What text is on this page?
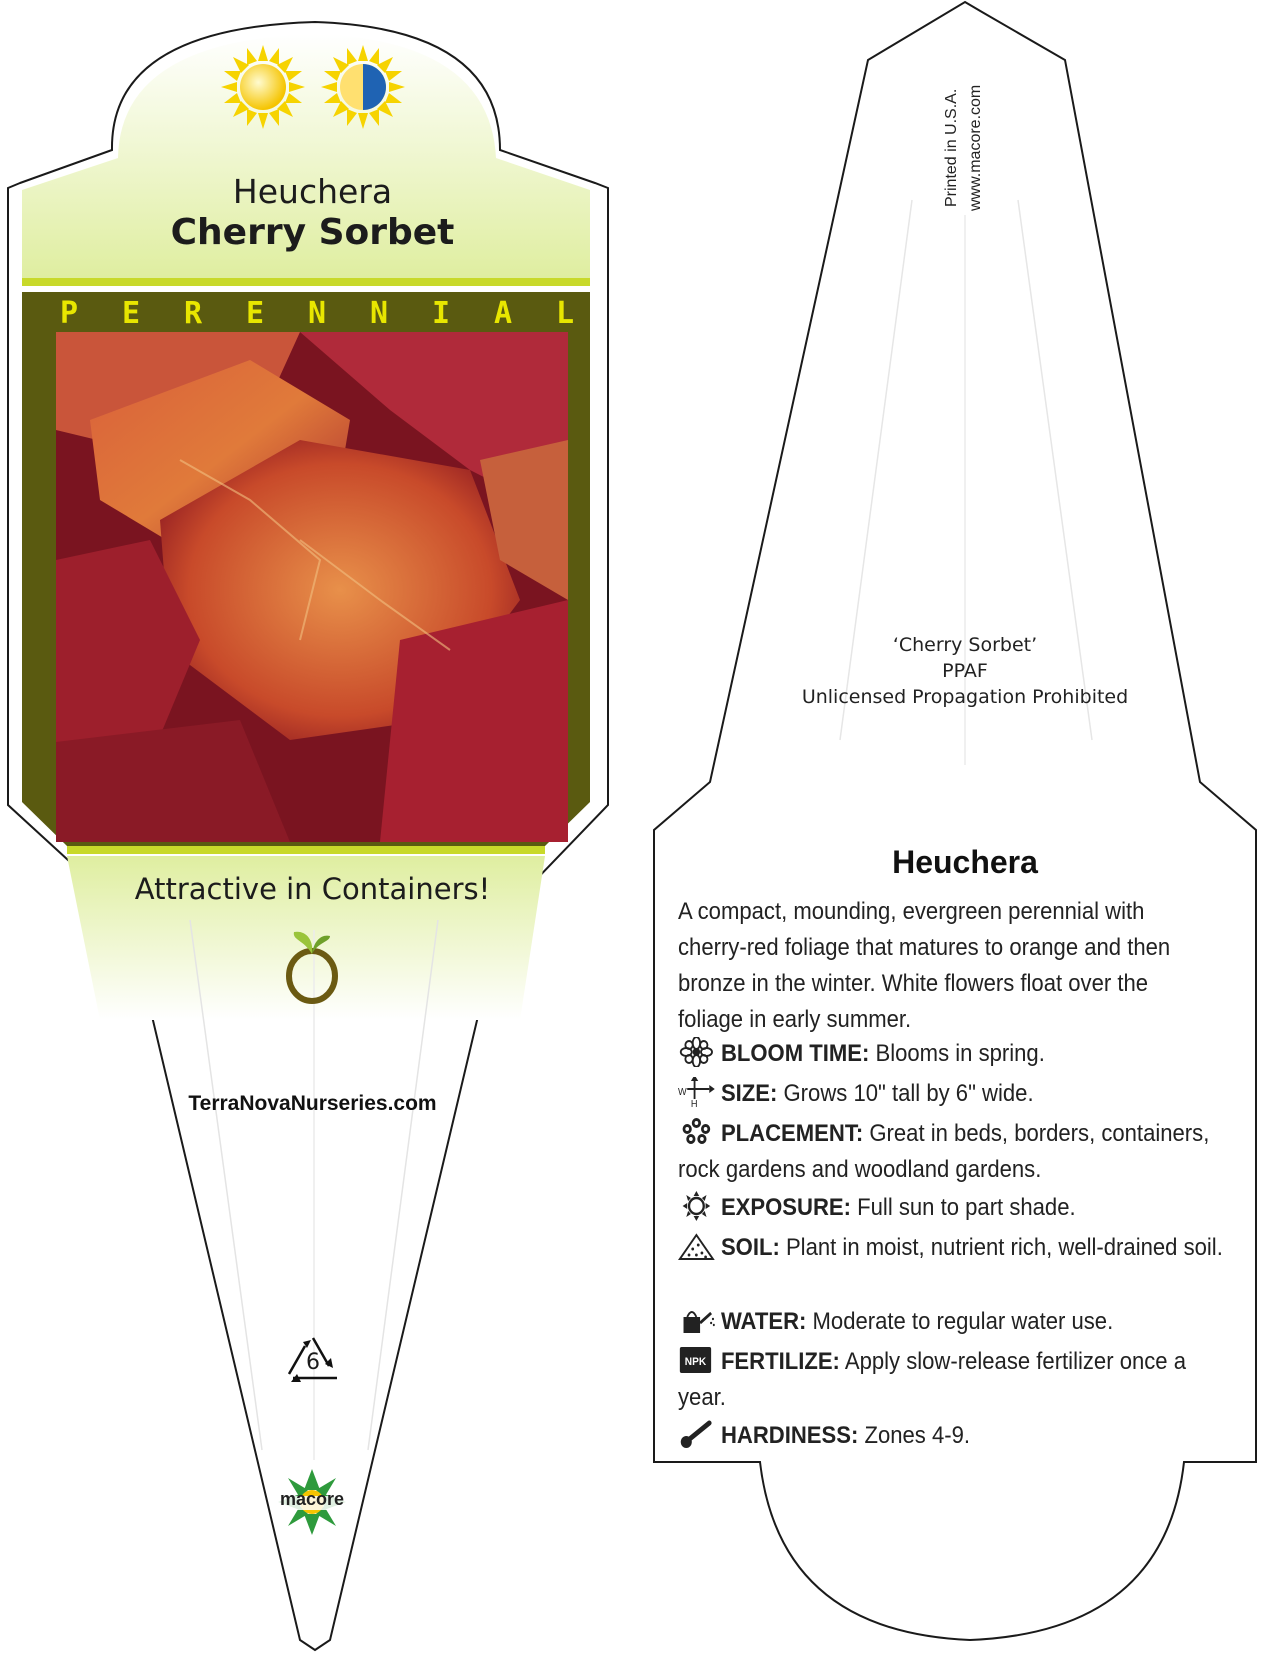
Heuchera
Cherry Sorbet
P E R E N N I A L
Attractive in Containers!
TerraNovaNurseries.com
6
macore
Printed in U.S.A. www.macore.com
‘Cherry Sorbet’
PPAF
Unlicensed Propagation Prohibited
Heuchera
A compact, mounding, evergreen perennial with cherry-red foliage that matures to orange and then bronze in the winter. White flowers float over the foliage in early summer.
BLOOM TIME: Blooms in spring.
W
H SIZE: Grows 10" tall by 6" wide.
PLACEMENT: Great in beds, borders, containers, rock gardens and woodland gardens.
EXPOSURE: Full sun to part shade.
SOIL: Plant in moist, nutrient rich, well-drained soil.
WATER: Moderate to regular water use.
NPK FERTILIZE: Apply slow-release fertilizer once a year.
HARDINESS: Zones 4-9.
